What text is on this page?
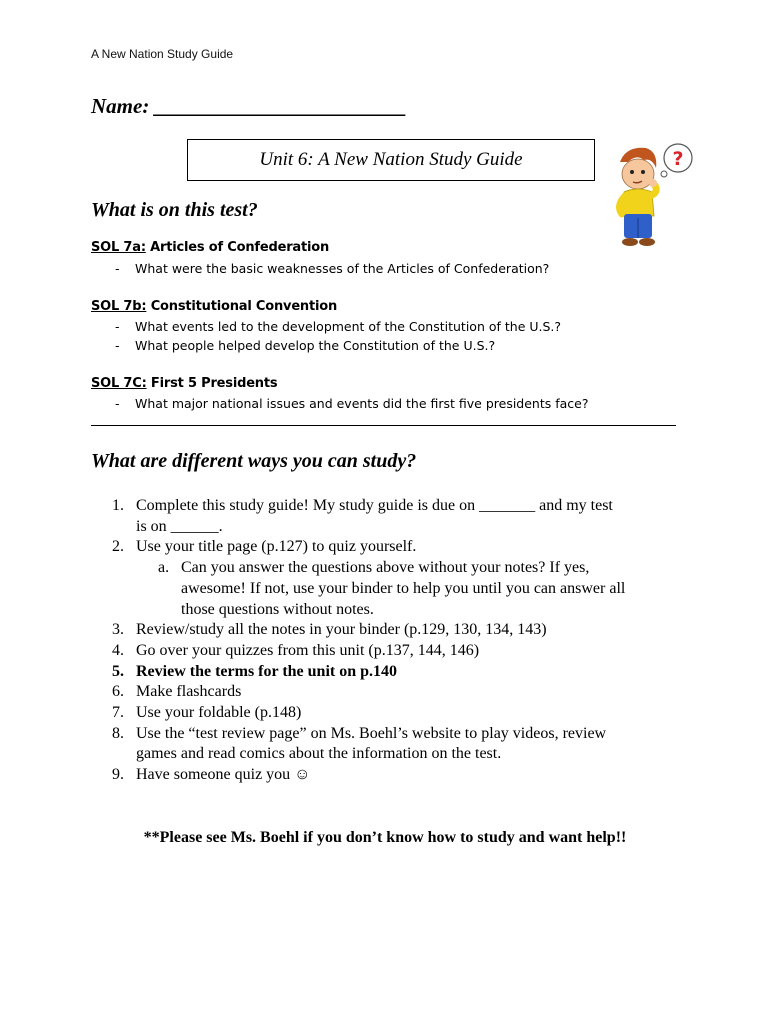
A New Nation Study Guide
Name: ________________________
Unit 6: A New Nation Study Guide	?
What is on this test?
SOL 7a: Articles of Confederation
- What were the basic weaknesses of the Articles of Confederation?
SOL 7b: Constitutional Convention
- What events led to the development of the Constitution of the U.S.?
- What people helped develop the Constitution of the U.S.?
SOL 7C: First 5 Presidents
- What major national issues and events did the first five presidents face?
What are different ways you can study?
1. Complete this study guide! My study guide is due on _______ and my test
is on ______.
2. Use your title page (p.127) to quiz yourself.
a. Can you answer the questions above without your notes? If yes,
awesome! If not, use your binder to help you until you can answer all
those questions without notes.
3. Review/study all the notes in your binder (p.129, 130, 134, 143)
4. Go over your quizzes from this unit (p.137, 144, 146)
5. Review the terms for the unit on p.140
6. Make flashcards
7. Use your foldable (p.148)
8. Use the “test review page” on Ms. Boehl’s website to play videos, review
games and read comics about the information on the test.
9. Have someone quiz you ☺
**Please see Ms. Boehl if you don’t know how to study and want help!!
